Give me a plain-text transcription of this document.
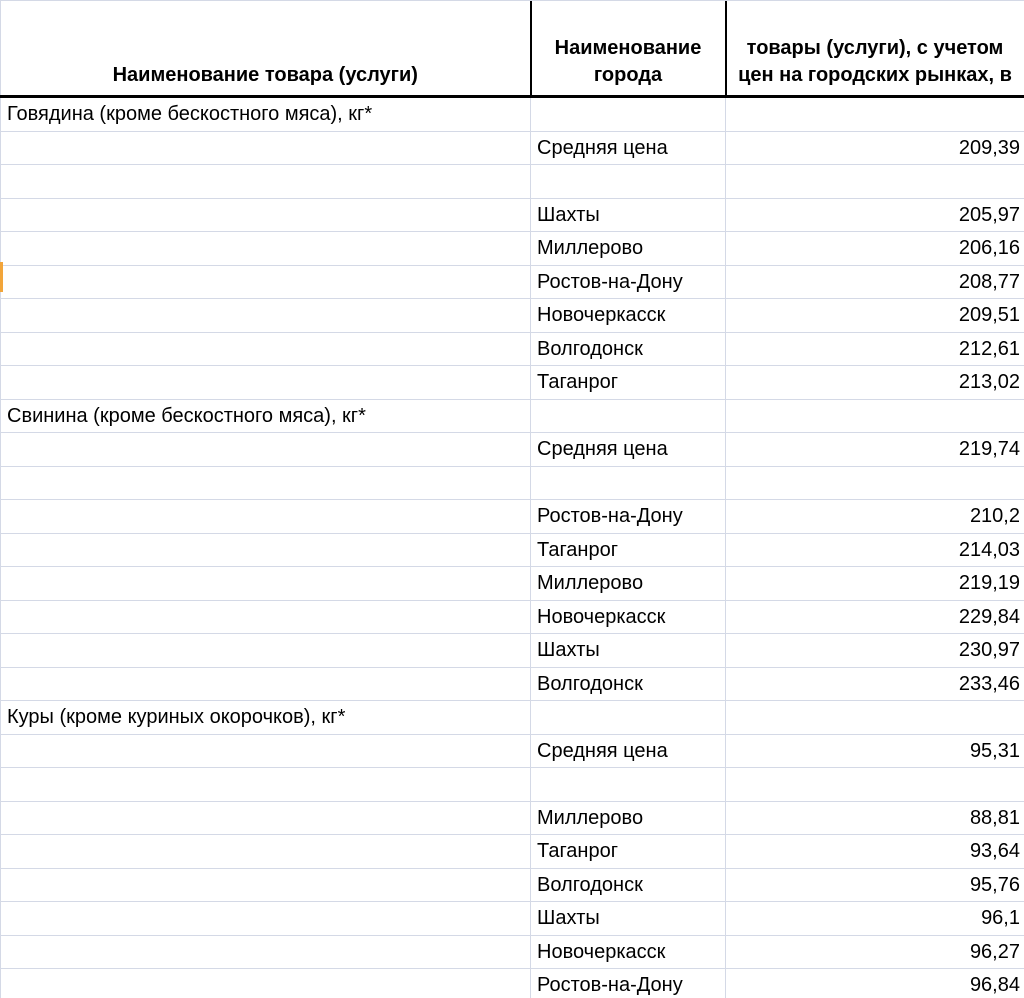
Наименование товара (услуги)	Наименование города	товары (услуги), с учетом цен на городских рынках, в
Говядина (кроме бескостного мяса), кг*		
	Средняя цена	209,39

	Шахты	205,97
	Миллерово	206,16
	Ростов-на-Дону	208,77
	Новочеркасск	209,51
	Волгодонск	212,61
	Таганрог	213,02
Свинина (кроме бескостного мяса), кг*		
	Средняя цена	219,74

	Ростов-на-Дону	210,2
	Таганрог	214,03
	Миллерово	219,19
	Новочеркасск	229,84
	Шахты	230,97
	Волгодонск	233,46
Куры (кроме куриных окорочков), кг*		
	Средняя цена	95,31

	Миллерово	88,81
	Таганрог	93,64
	Волгодонск	95,76
	Шахты	96,1
	Новочеркасск	96,27
	Ростов-на-Дону	96,84
